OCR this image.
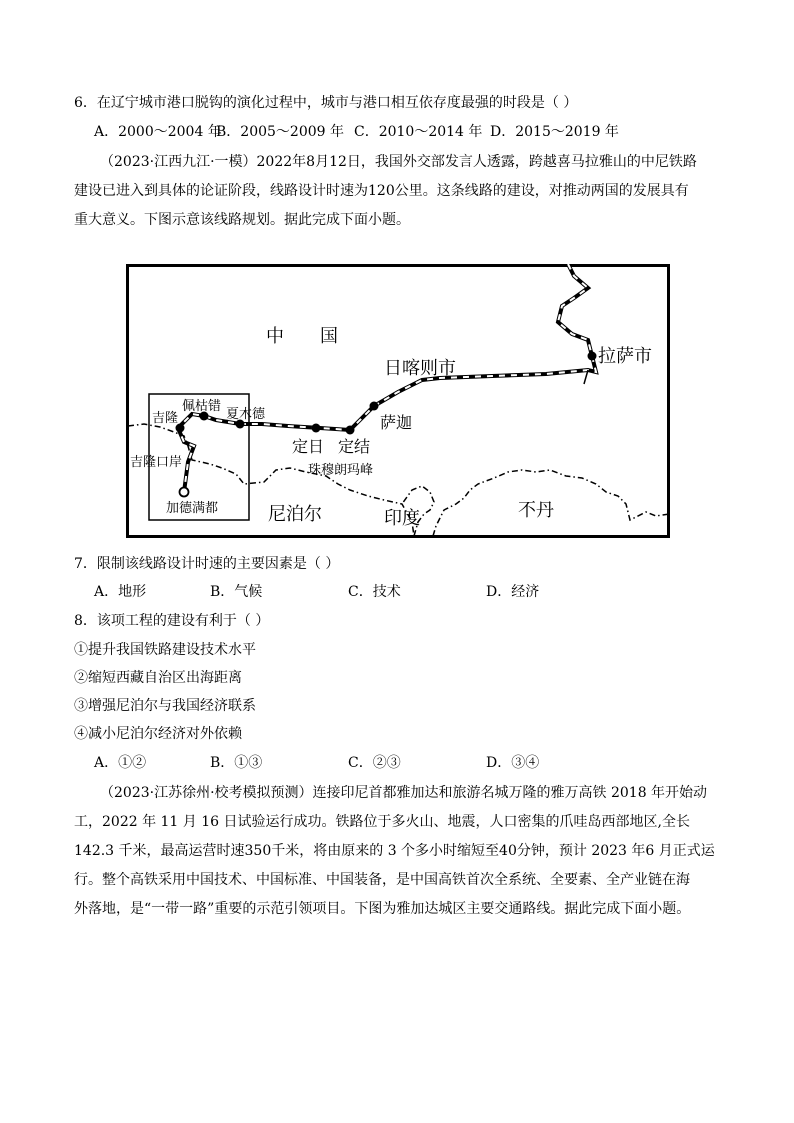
6．在辽宁城市港口脱钩的演化过程中，城市与港口相互依存度最强的时段是（ ）
A．2000～2004 年
B．2005～2009 年 C．2010～2014 年 D．2015～2019 年
（2023·江西九江·一模）2022年8月12日，我国外交部发言人透露，跨越喜马拉雅山的中尼铁路
建设已进入到具体的论证阶段，线路设计时速为120公里。这条线路的建设，对推动两国的发展具有
重大意义。下图示意该线路规划。据此完成下面小题。
中　　国
拉萨市
日喀则市
萨迦
定日 定结
夏木德
佩枯错
吉隆
吉隆口岸
珠穆朗玛峰
加德满都	尼泊尔	印度	不丹
7．限制该线路设计时速的主要因素是（ ）
A．地形	B．气候	C．技术	D．经济
8．该项工程的建设有利于（ ）
①提升我国铁路建设技术水平
②缩短西藏自治区出海距离
③增强尼泊尔与我国经济联系
④减小尼泊尔经济对外依赖
A．①②	B．①③	C．②③	D．③④
（2023·江苏徐州·校考模拟预测）连接印尼首都雅加达和旅游名城万隆的雅万高铁 2018 年开始动
工，2022 年 11 月 16 日试验运行成功。铁路位于多火山、地震，人口密集的爪哇岛西部地区,全长
142.3 千米，最高运营时速350千米，将由原来的 3 个多小时缩短至40分钟，预计 2023 年6 月正式运
行。整个高铁采用中国技术、中国标准、中国装备，是中国高铁首次全系统、全要素、全产业链在海
外落地，是“一带一路”重要的示范引领项目。下图为雅加达城区主要交通路线。据此完成下面小题。
